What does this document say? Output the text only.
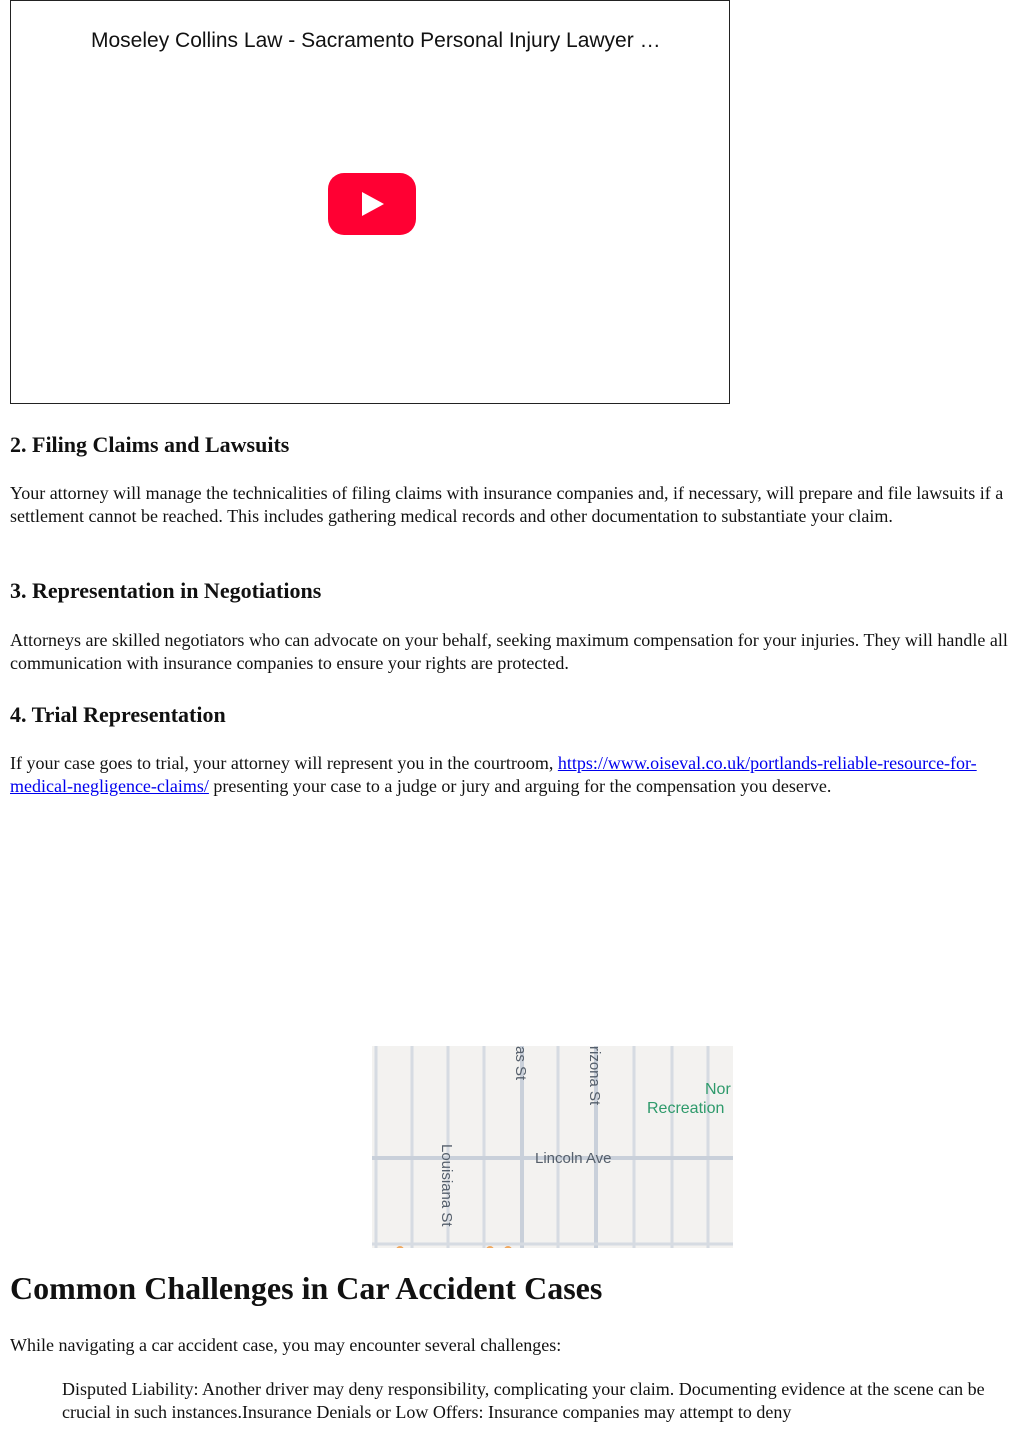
Moseley Collins Law - Sacramento Personal Injury Lawyer …
2. Filing Claims and Lawsuits

Your attorney will manage the technicalities of filing claims with insurance companies and, if necessary, will prepare and file lawsuits if a settlement cannot be reached. This includes gathering medical records and other documentation to substantiate your claim.

3. Representation in Negotiations

Attorneys are skilled negotiators who can advocate on your behalf, seeking maximum compensation for your injuries. They will handle all communication with insurance companies to ensure your rights are protected.

4. Trial Representation

If your case goes to trial, your attorney will represent you in the courtroom, https://www.oiseval.co.uk/portlands-reliable-resource-for-medical-negligence-claims/ presenting your case to a judge or jury and arguing for the compensation you deserve.

as St	rizona St
Louisiana St	Lincoln Ave
Nor
Recreation
Common Challenges in Car Accident Cases

While navigating a car accident case, you may encounter several challenges:

Disputed Liability: Another driver may deny responsibility, complicating your claim. Documenting evidence at the scene can be crucial in such instances.Insurance Denials or Low Offers: Insurance companies may attempt to deny
